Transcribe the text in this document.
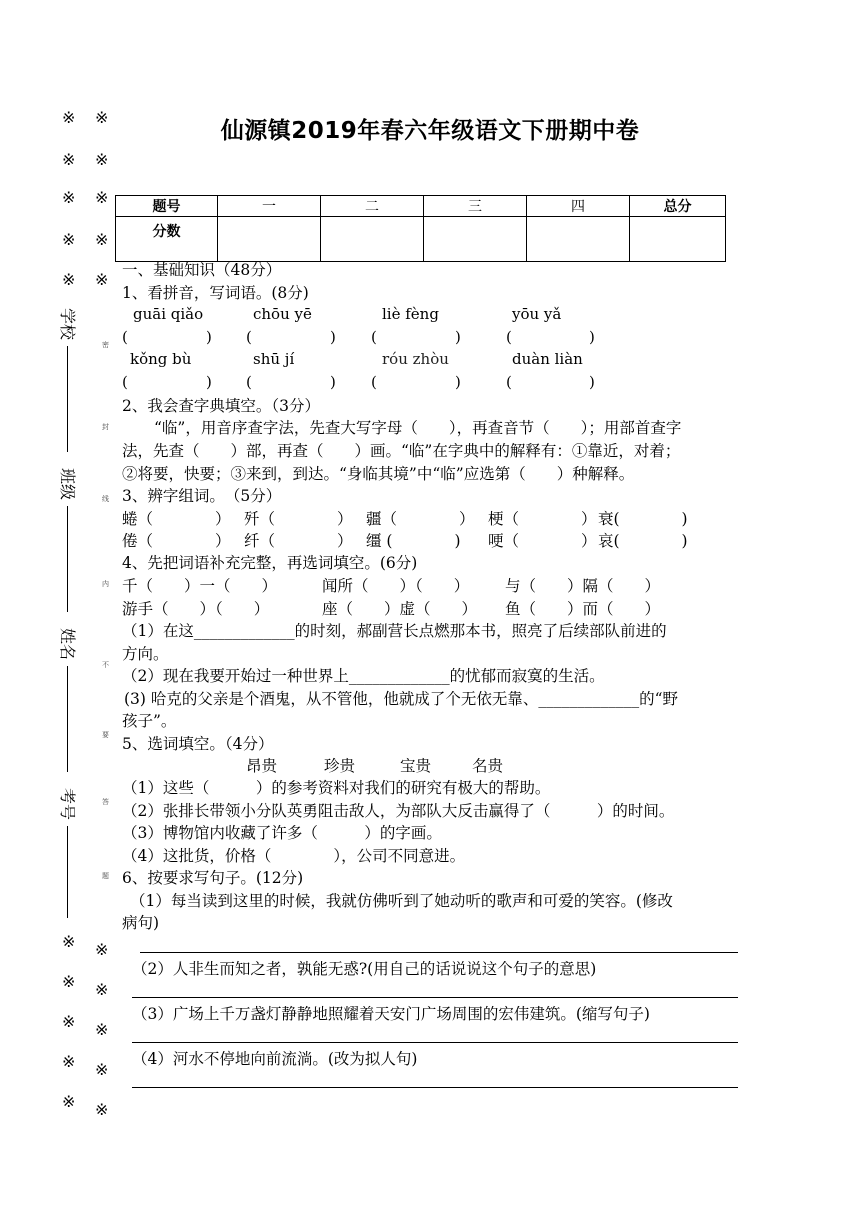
仙源镇2019年春六年级语文下册期中卷
※ ※
※ ※
※ ※
※ ※
※ ※
※ ※
※ ※
※ ※
※ ※
※ ※
学校
班级
姓名
考号
密
封
线
内
不
要
答
题
题号	一	二	三	四	总分
分数					
一、基础知识（48分）
1、看拼音，写词语。(8分)
guāi qiǎo	chōu yē	liè fèng	yōu yǎ
(	) (	) (	)	(	)
kǒng bù	shū jí	róu zhòu	duàn liàn
(	) (	) (	)	(	)
2、我会查字典填空。（3分）
“临”，用音序查字法，先查大写字母（　　），再查音节（　　）；用部首查字
法，先查（　　）部，再查（　　）画。“临”在字典中的解释有：①靠近，对着；
②将要，快要；③来到，到达。“身临其境”中“临”应选第（　　）种解释。
3、辨字组词。　（5分）
蜷（　　　　） 歼（　　　　） 疆（　　　　） 梗（　　　　） 衰(　　　　)
倦（　　　　） 纤（　　　　） 缰 (　　　　) 哽（　　　　） 哀(　　　　)
4、先把词语补充完整，再选词填空。(6分)
千（　　）一（　　）	闻所（　　）（　　） 与（　　）隔（　　）
游手（　　）（　　）	座（　　）虚（　　） 鱼（　　）而（　　）
（1）在这_____________的时刻，郝副营长点燃那本书，照亮了后续部队前进的
方向。
（2）现在我要开始过一种世界上_____________的忧郁而寂寞的生活。
(3) 哈克的父亲是个酒鬼，从不管他，他就成了个无依无靠、_____________的“野
孩子”。
5、选词填空。（4分）
昂贵	珍贵	宝贵	名贵
（1）这些（　　　）的参考资料对我们的研究有极大的帮助。
（2）张排长带领小分队英勇阻击敌人，为部队大反击赢得了（　　　）的时间。
（3）博物馆内收藏了许多（　　　）的字画。
（4）这批货，价格（　　　　），公司不同意进。
6、按要求写句子。(12分)
（1）每当读到这里的时候，我就仿佛听到了她动听的歌声和可爱的笑容。(修改
病句)
（2）人非生而知之者，孰能无惑?(用自己的话说说这个句子的意思)
（3）广场上千万盏灯静静地照耀着天安门广场周围的宏伟建筑。(缩写句子)
（4）河水不停地向前流淌。(改为拟人句)
